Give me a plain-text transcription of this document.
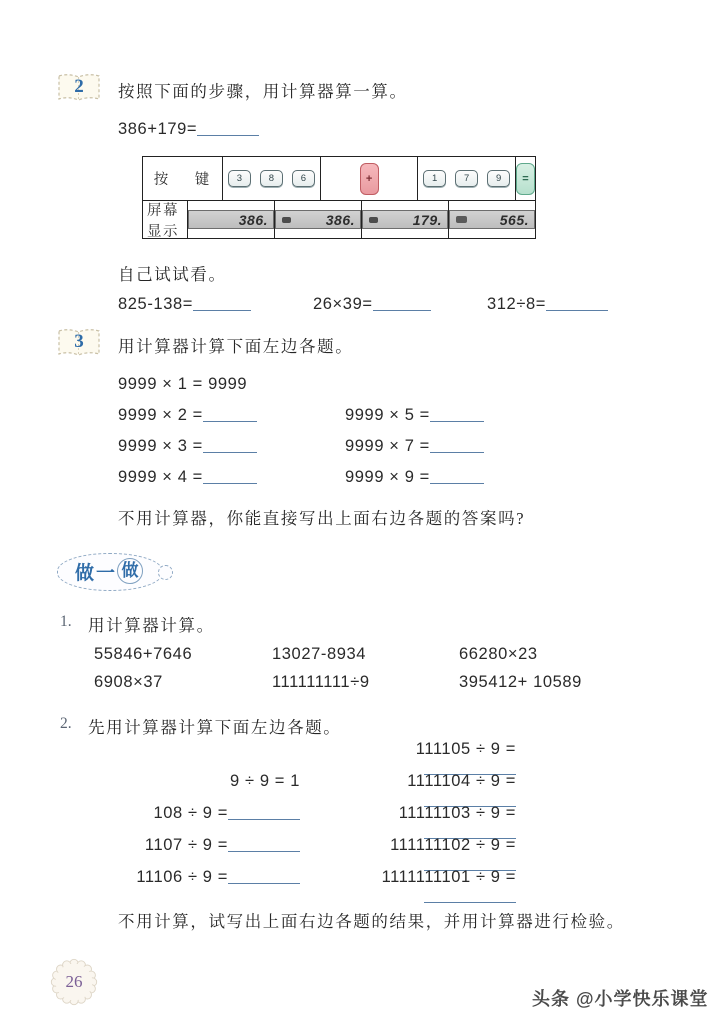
2	按照下面的步骤，用计算器算一算。
386+179=
按　键	3	8	6	+	1	7	9	=
屏幕显示
386.	386.	179.	565.
自己试试看。
825-138=	26×39=	312÷8=
3	用计算器计算下面左边各题。
9999 × 1 = 9999
9999 × 2 =
9999 × 3 =
9999 × 4 =
9999 × 5 =
9999 × 7 =
9999 × 9 =
不用计算器，你能直接写出上面右边各题的答案吗?
做一 做
1. 用计算器计算。
55846+7646	13027-8934	66280×23
6908×37	111111111÷9	395412+ 10589
2. 先用计算器计算下面左边各题。
9 ÷ 9 = 1
108 ÷ 9 =
1107 ÷ 9 =
11106 ÷ 9 =
111105 ÷ 9 =
1111104 ÷ 9 =
11111103 ÷ 9 =
111111102 ÷ 9 =
1111111101 ÷ 9 =
不用计算，试写出上面右边各题的结果，并用计算器进行检验。
26
头条 @小学快乐课堂
